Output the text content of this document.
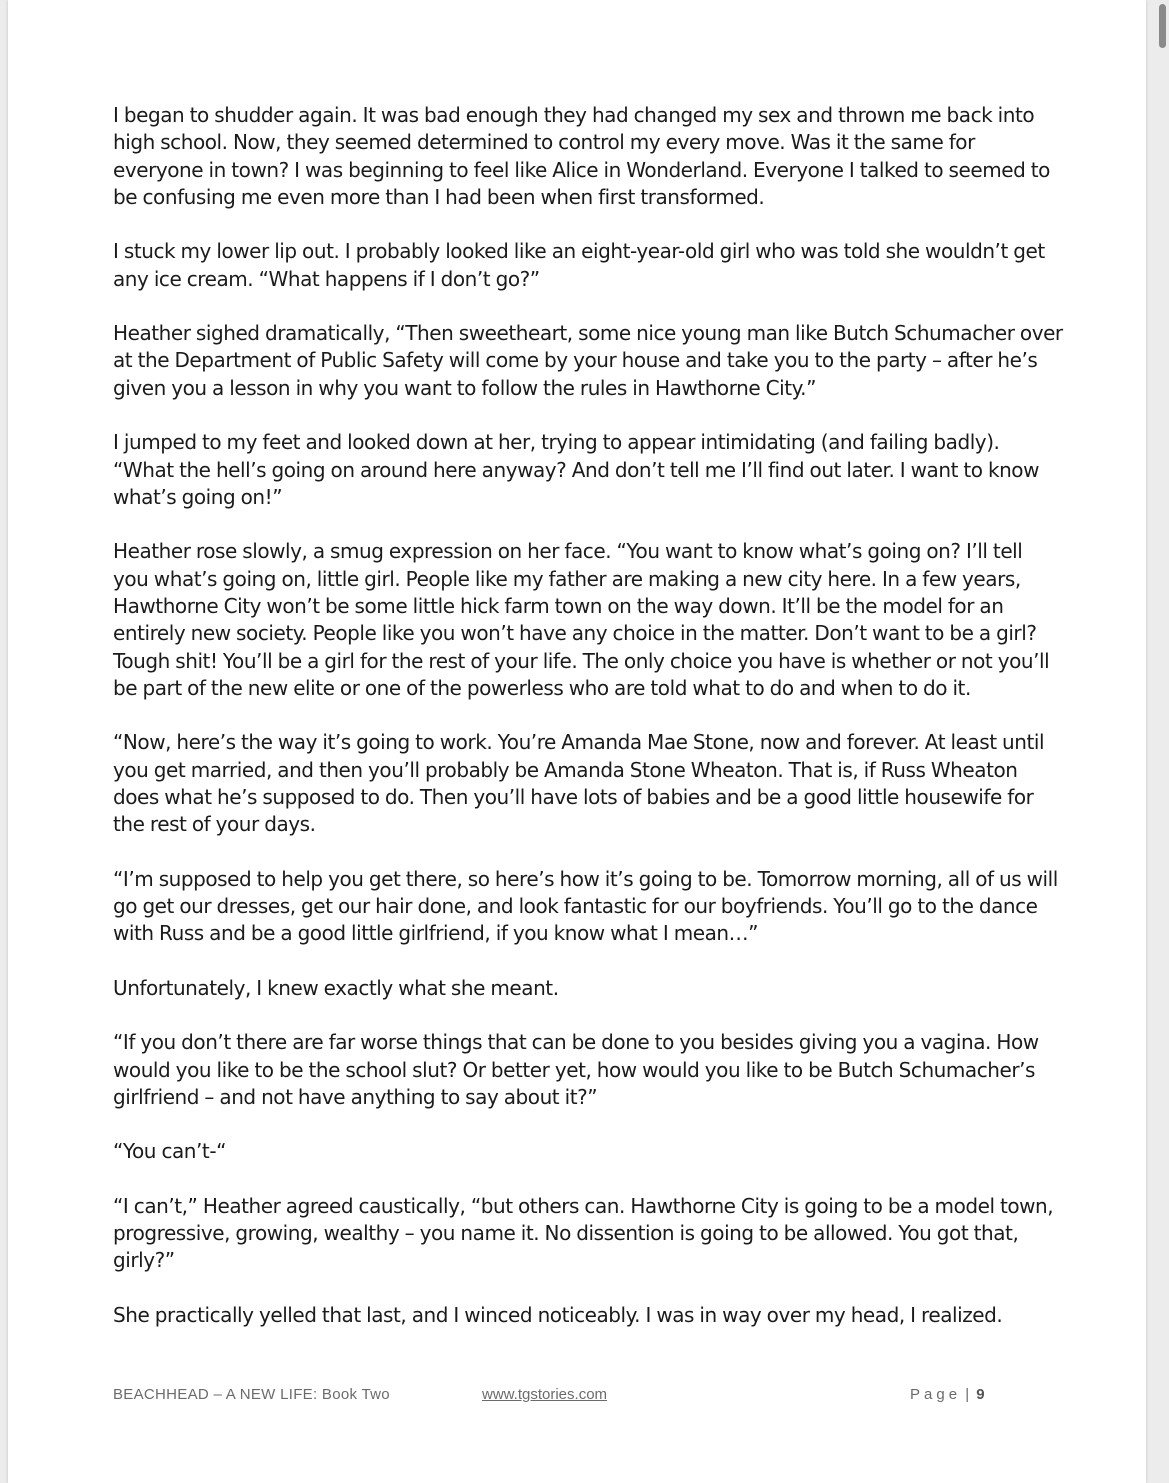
I began to shudder again. It was bad enough they had changed my sex and thrown me back into high school. Now, they seemed determined to control my every move. Was it the same for everyone in town? I was beginning to feel like Alice in Wonderland. Everyone I talked to seemed to be confusing me even more than I had been when first transformed.

I stuck my lower lip out. I probably looked like an eight-year-old girl who was told she wouldn’t get any ice cream. “What happens if I don’t go?”

Heather sighed dramatically, “Then sweetheart, some nice young man like Butch Schumacher over at the Department of Public Safety will come by your house and take you to the party – after he’s given you a lesson in why you want to follow the rules in Hawthorne City.”

I jumped to my feet and looked down at her, trying to appear intimidating (and failing badly). “What the hell’s going on around here anyway? And don’t tell me I’ll find out later. I want to know what’s going on!”

Heather rose slowly, a smug expression on her face. “You want to know what’s going on? I’ll tell you what’s going on, little girl. People like my father are making a new city here. In a few years, Hawthorne City won’t be some little hick farm town on the way down. It’ll be the model for an entirely new society. People like you won’t have any choice in the matter. Don’t want to be a girl? Tough shit! You’ll be a girl for the rest of your life. The only choice you have is whether or not you’ll be part of the new elite or one of the powerless who are told what to do and when to do it.

“Now, here’s the way it’s going to work. You’re Amanda Mae Stone, now and forever. At least until you get married, and then you’ll probably be Amanda Stone Wheaton. That is, if Russ Wheaton does what he’s supposed to do. Then you’ll have lots of babies and be a good little housewife for the rest of your days.

“I’m supposed to help you get there, so here’s how it’s going to be. Tomorrow morning, all of us will go get our dresses, get our hair done, and look fantastic for our boyfriends. You’ll go to the dance with Russ and be a good little girlfriend, if you know what I mean…”

Unfortunately, I knew exactly what she meant.

“If you don’t there are far worse things that can be done to you besides giving you a vagina. How would you like to be the school slut? Or better yet, how would you like to be Butch Schumacher’s girlfriend – and not have anything to say about it?”

“You can’t-“

“I can’t,” Heather agreed caustically, “but others can. Hawthorne City is going to be a model town, progressive, growing, wealthy – you name it. No dissention is going to be allowed. You got that, girly?”

She practically yelled that last, and I winced noticeably. I was in way over my head, I realized.

BEACHHEAD – A NEW LIFE: Book Two	www.tgstories.com	Page | 9
